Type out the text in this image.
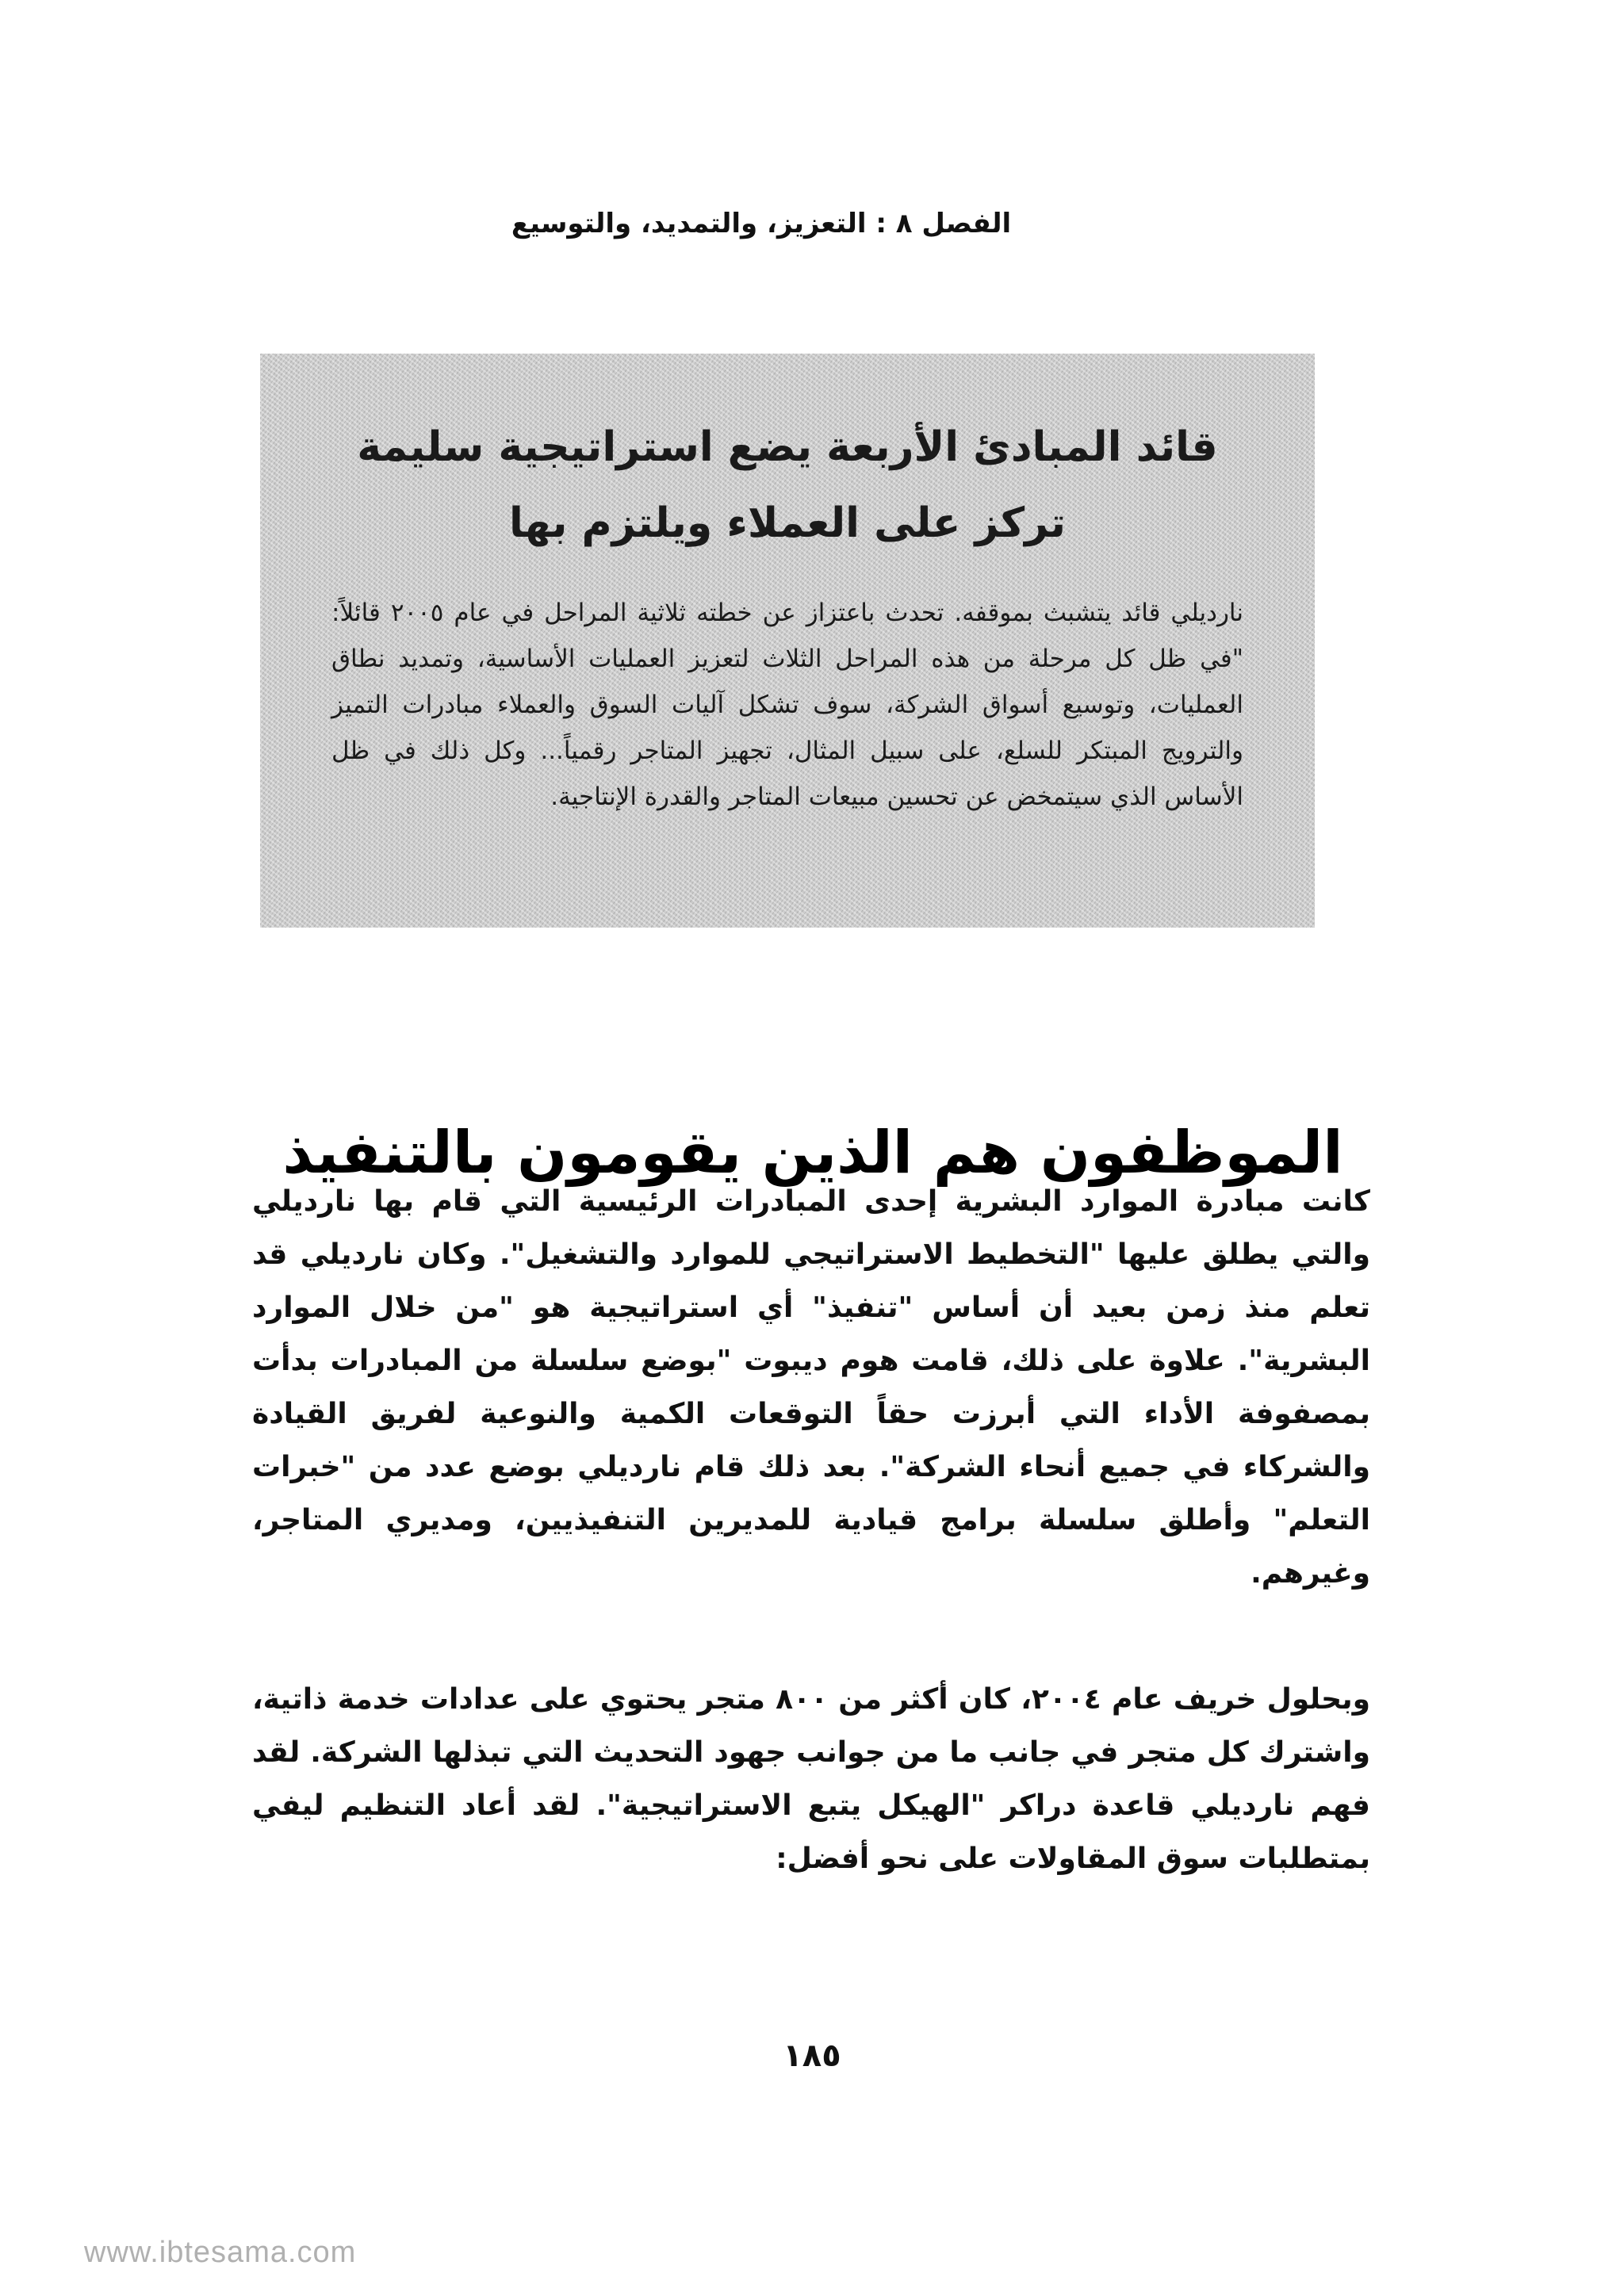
الفصل ٨ : التعزيز، والتمديد، والتوسيع
قائد المبادئ الأربعة يضع استراتيجية سليمة تركز على العملاء ويلتزم بها

ناردیلي قائد يتشبث بموقفه. تحدث باعتزاز عن خطته ثلاثية المراحل في عام ٢٠٠٥ قائلاً: "في ظل كل مرحلة من هذه المراحل الثلاث لتعزيز العمليات الأساسية، وتمديد نطاق العمليات، وتوسيع أسواق الشركة، سوف تشكل آليات السوق والعملاء مبادرات التميز والترويج المبتكر للسلع، على سبيل المثال، تجهيز المتاجر رقمياً... وكل ذلك في ظل الأساس الذي سيتمخض عن تحسين مبيعات المتاجر والقدرة الإنتاجية.

الموظفون هم الذين يقومون بالتنفيذ

كانت مبادرة الموارد البشرية إحدى المبادرات الرئيسية التي قام بها ناردیلي والتي يطلق عليها "التخطيط الاستراتيجي للموارد والتشغيل". وكان ناردیلي قد تعلم منذ زمن بعيد أن أساس "تنفيذ" أي استراتيجية هو "من خلال الموارد البشرية". علاوة على ذلك، قامت هوم ديبوت "بوضع سلسلة من المبادرات بدأت بمصفوفة الأداء التي أبرزت حقاً التوقعات الكمية والنوعية لفريق القيادة والشركاء في جميع أنحاء الشركة". بعد ذلك قام ناردیلي بوضع عدد من "خبرات التعلم" وأطلق سلسلة برامج قيادية للمديرين التنفيذيين، ومديري المتاجر، وغيرهم.

وبحلول خريف عام ٢٠٠٤، كان أكثر من ٨٠٠ متجر يحتوي على عدادات خدمة ذاتية، واشترك كل متجر في جانب ما من جوانب جهود التحديث التي تبذلها الشركة. لقد فهم ناردیلي قاعدة دراكر "الهيكل يتبع الاستراتيجية". لقد أعاد التنظيم ليفي بمتطلبات سوق المقاولات على نحو أفضل:

١٨٥
www.ibtesama.com
